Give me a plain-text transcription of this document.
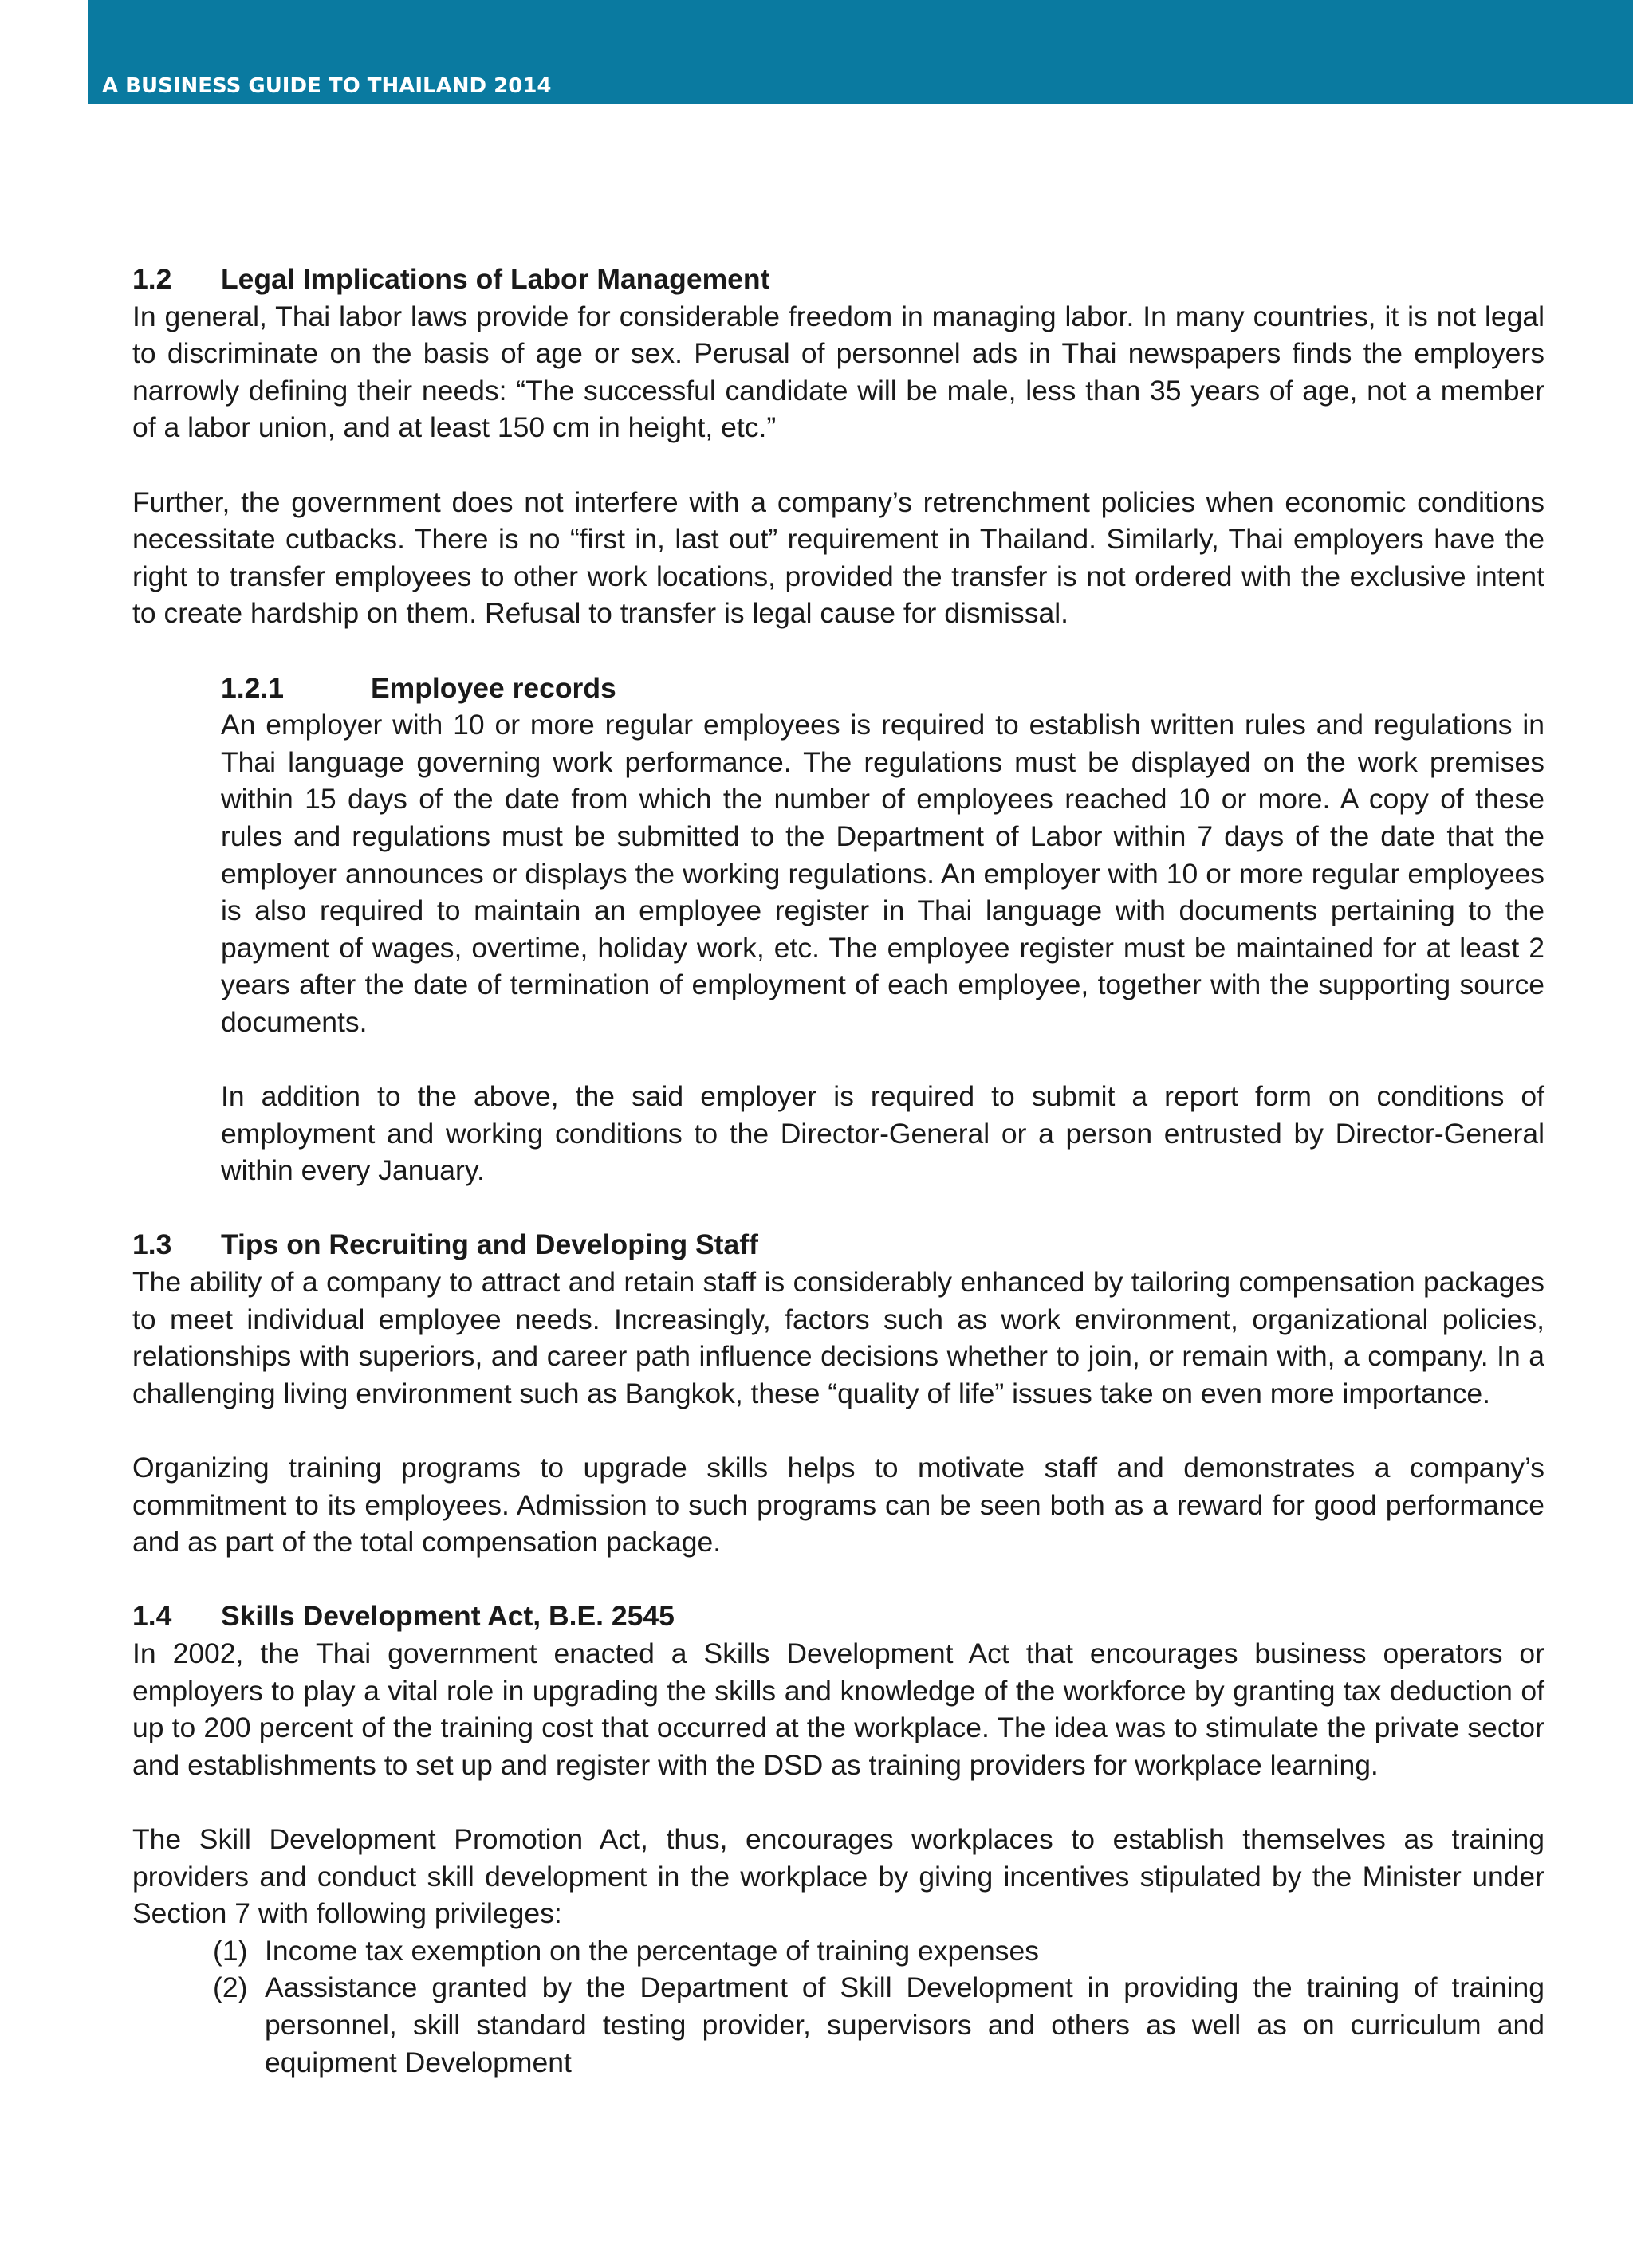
92 A BUSINESS GUIDE TO THAILAND 2014
1.2	Legal Implications of Labor Management

In general, Thai labor laws provide for considerable freedom in managing labor. In many countries, it is not legal to discriminate on the basis of age or sex. Perusal of personnel ads in Thai newspapers finds the employers narrowly defining their needs: “The successful candidate will be male, less than 35 years of age, not a member of a labor union, and at least 150 cm in height, etc.”

Further, the government does not interfere with a company’s retrenchment policies when economic conditions necessitate cutbacks. There is no “first in, last out” requirement in Thailand. Similarly, Thai employers have the right to transfer employees to other work locations, provided the transfer is not ordered with the exclusive intent to create hardship on them. Refusal to transfer is legal cause for dismissal.

1.2.1	Employee records

An employer with 10 or more regular employees is required to establish written rules and regulations in Thai language governing work performance. The regulations must be displayed on the work premises within 15 days of the date from which the number of employees reached 10 or more. A copy of these rules and regulations must be submitted to the Department of Labor within 7 days of the date that the employer announces or displays the working regulations. An employer with 10 or more regular employees is also required to maintain an employee register in Thai language with documents pertaining to the payment of wages, overtime, holiday work, etc. The employee register must be maintained for at least 2 years after the date of termination of employment of each employee, together with the supporting source documents.

In addition to the above, the said employer is required to submit a report form on conditions of employment and working conditions to the Director-General or a person entrusted by Director-General within every January.

1.3	Tips on Recruiting and Developing Staff

The ability of a company to attract and retain staff is considerably enhanced by tailoring compensation packages to meet individual employee needs. Increasingly, factors such as work environment, organizational policies, relationships with superiors, and career path influence decisions whether to join, or remain with, a company. In a challenging living environment such as Bangkok, these “quality of life” issues take on even more importance.

Organizing training programs to upgrade skills helps to motivate staff and demonstrates a company’s commitment to its employees. Admission to such programs can be seen both as a reward for good performance and as part of the total compensation package.

1.4	Skills Development Act, B.E. 2545

In 2002, the Thai government enacted a Skills Development Act that encourages business operators or employers to play a vital role in upgrading the skills and knowledge of the workforce by granting tax deduction of up to 200 percent of the training cost that occurred at the workplace. The idea was to stimulate the private sector and establishments to set up and register with the DSD as training providers for workplace learning.

The Skill Development Promotion Act, thus, encourages workplaces to establish themselves as training providers and conduct skill development in the workplace by giving incentives stipulated by the Minister under Section 7 with following privileges:

(1) Income tax exemption on the percentage of training expenses
(2) Aassistance granted by the Department of Skill Development in providing the training of training personnel, skill standard testing provider, supervisors and others as well as on curriculum and equipment Development
